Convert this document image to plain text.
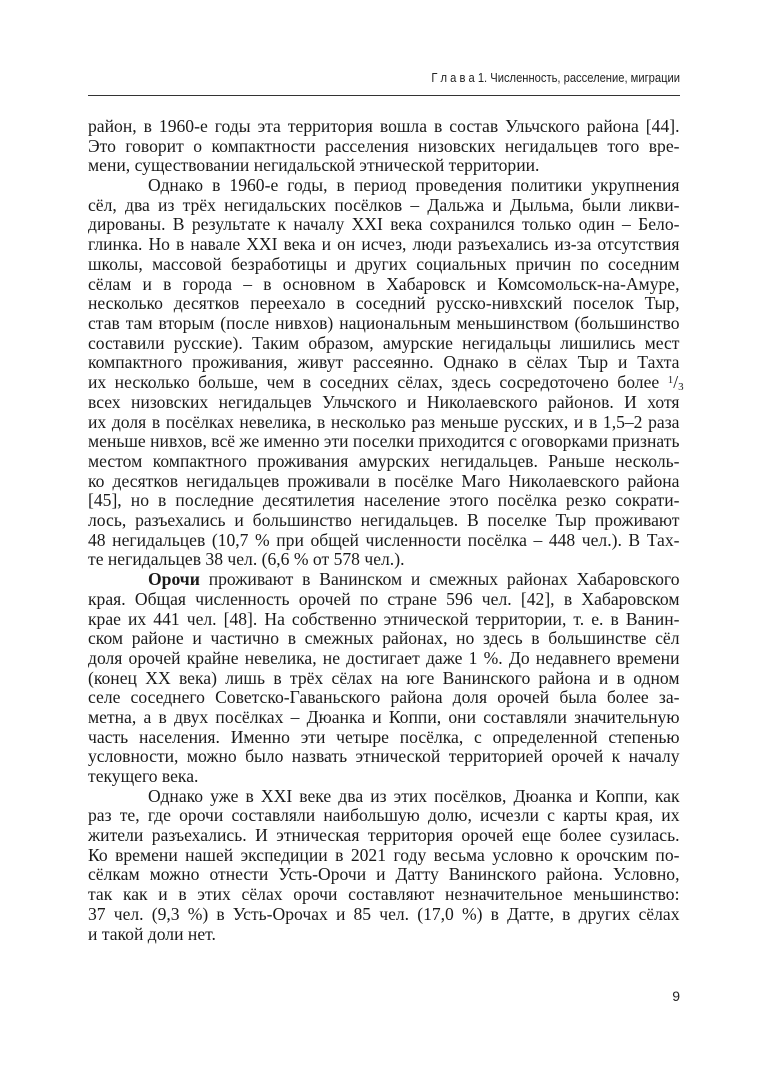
Г л а в а 1. Численность, расселение, миграции
район, в 1960-е годы эта территория вошла в состав Ульчского района [44].
Это говорит о компактности расселения низовских негидальцев того вре-
мени, существовании негидальской этнической территории.
Однако в 1960-е годы, в период проведения политики укрупнения
сёл, два из трёх негидальских посёлков – Дальжа и Дыльма, были ликви-
дированы. В результате к началу XXI века сохранился только один – Бело-
глинка. Но в навале XXI века и он исчез, люди разъехались из-за отсутствия
школы, массовой безработицы и других социальных причин по соседним
сёлам и в города – в основном в Хабаровск и Комсомольск-на-Амуре,
несколько десятков переехало в соседний русско-нивхский поселок Тыр,
став там вторым (после нивхов) национальным меньшинством (большинство
составили русские). Таким образом, амурские негидальцы лишились мест
компактного проживания, живут рассеянно. Однако в сёлах Тыр и Тахта
их несколько больше, чем в соседних сёлах, здесь сосредоточено более 1/3
всех низовских негидальцев Ульчского и Николаевского районов. И хотя
их доля в посёлках невелика, в несколько раз меньше русских, и в 1,5–2 раза
меньше нивхов, всё же именно эти поселки приходится с оговорками признать
местом компактного проживания амурских негидальцев. Раньше несколь-
ко десятков негидальцев проживали в посёлке Маго Николаевского района
[45], но в последние десятилетия население этого посёлка резко сократи-
лось, разъехались и большинство негидальцев. В поселке Тыр проживают
48 негидальцев (10,7 % при общей численности посёлка – 448 чел.). В Тах-
те негидальцев 38 чел. (6,6 % от 578 чел.).
Орочи проживают в Ванинском и смежных районах Хабаровского
края. Общая численность орочей по стране 596 чел. [42], в Хабаровском
крае их 441 чел. [48]. На собственно этнической территории, т. е. в Ванин-
ском районе и частично в смежных районах, но здесь в большинстве сёл
доля орочей крайне невелика, не достигает даже 1 %. До недавнего времени
(конец XX века) лишь в трёх сёлах на юге Ванинского района и в одном
селе соседнего Советско-Гаваньского района доля орочей была более за-
метна, а в двух посёлках – Дюанка и Коппи, они составляли значительную
часть населения. Именно эти четыре посёлка, с определенной степенью
условности, можно было назвать этнической территорией орочей к началу
текущего века.
Однако уже в XXI веке два из этих посёлков, Дюанка и Коппи, как
раз те, где орочи составляли наибольшую долю, исчезли с карты края, их
жители разъехались. И этническая территория орочей еще более сузилась.
Ко времени нашей экспедиции в 2021 году весьма условно к орочским по-
сёлкам можно отнести Усть-Орочи и Датту Ванинского района. Условно,
так как и в этих сёлах орочи составляют незначительное меньшинство:
37 чел. (9,3 %) в Усть-Орочах и 85 чел. (17,0 %) в Датте, в других сёлах
и такой доли нет.
9
